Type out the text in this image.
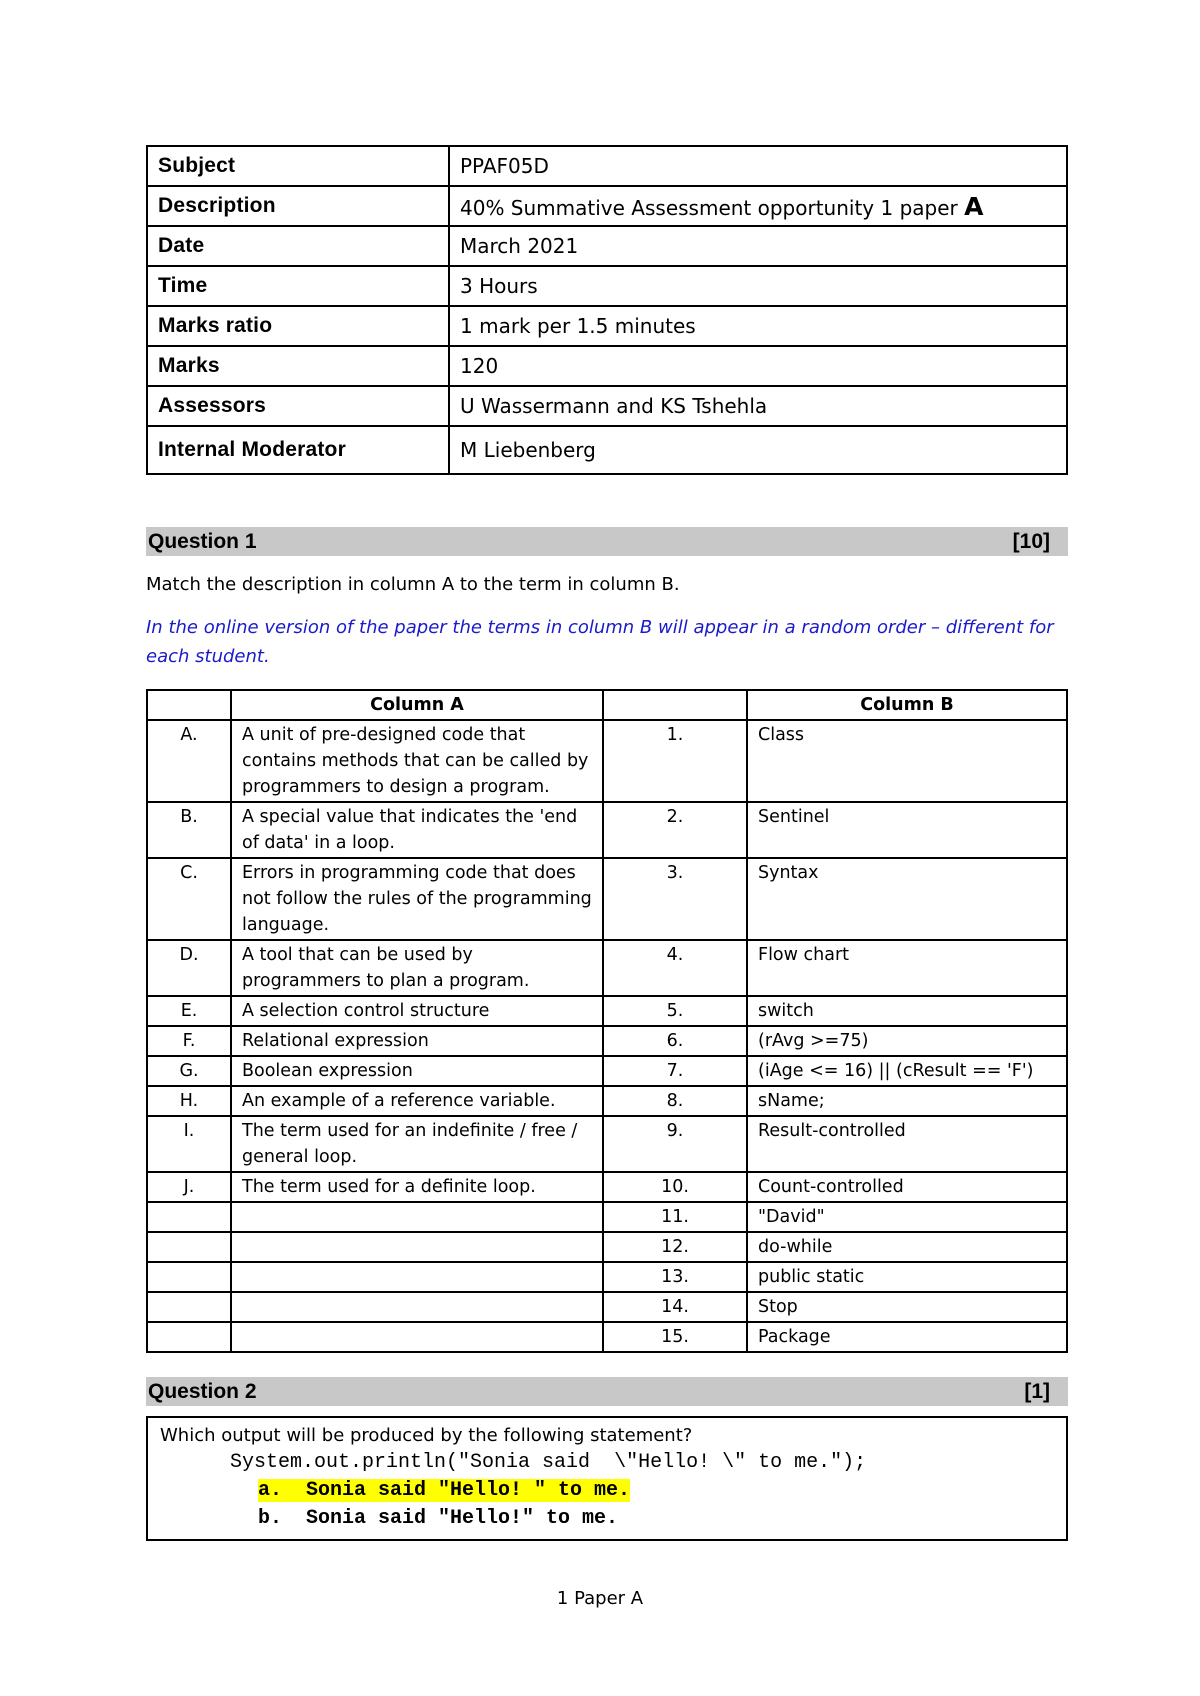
Subject	PPAF05D
Description	40% Summative Assessment opportunity 1 paper A
Date	March 2021
Time	3 Hours
Marks ratio	1 mark per 1.5 minutes
Marks	120
Assessors	U Wassermann and KS Tshehla
Internal Moderator	M Liebenberg
Question 1	[10]

Match the description in column A to the term in column B.

In the online version of the paper the terms in column B will appear in a random order – different for each student.

	Column A		Column B
A.	A unit of pre-designed code that contains methods that can be called by programmers to design a program.	1.	Class
B.	A special value that indicates the 'end of data' in a loop.	2.	Sentinel
C.	Errors in programming code that does not follow the rules of the programming language.	3.	Syntax
D.	A tool that can be used by programmers to plan a program.	4.	Flow chart
E.	A selection control structure	5.	switch
F.	Relational expression	6.	(rAvg >=75)
G.	Boolean expression	7.	(iAge <= 16) || (cResult == 'F')
H.	An example of a reference variable.	8.	sName;
I.	The term used for an indefinite / free / general loop.	9.	Result-controlled
J.	The term used for a definite loop.	10.	Count-controlled
		11.	"David"
		12.	do-while
		13.	public static
		14.	Stop
		15.	Package
Question 2	[1]
Which output will be produced by the following statement?
System.out.println("Sonia said  \"Hello! \" to me.");
a.  Sonia said "Hello! " to me.
b.  Sonia said "Hello!" to me.
1 Paper A
